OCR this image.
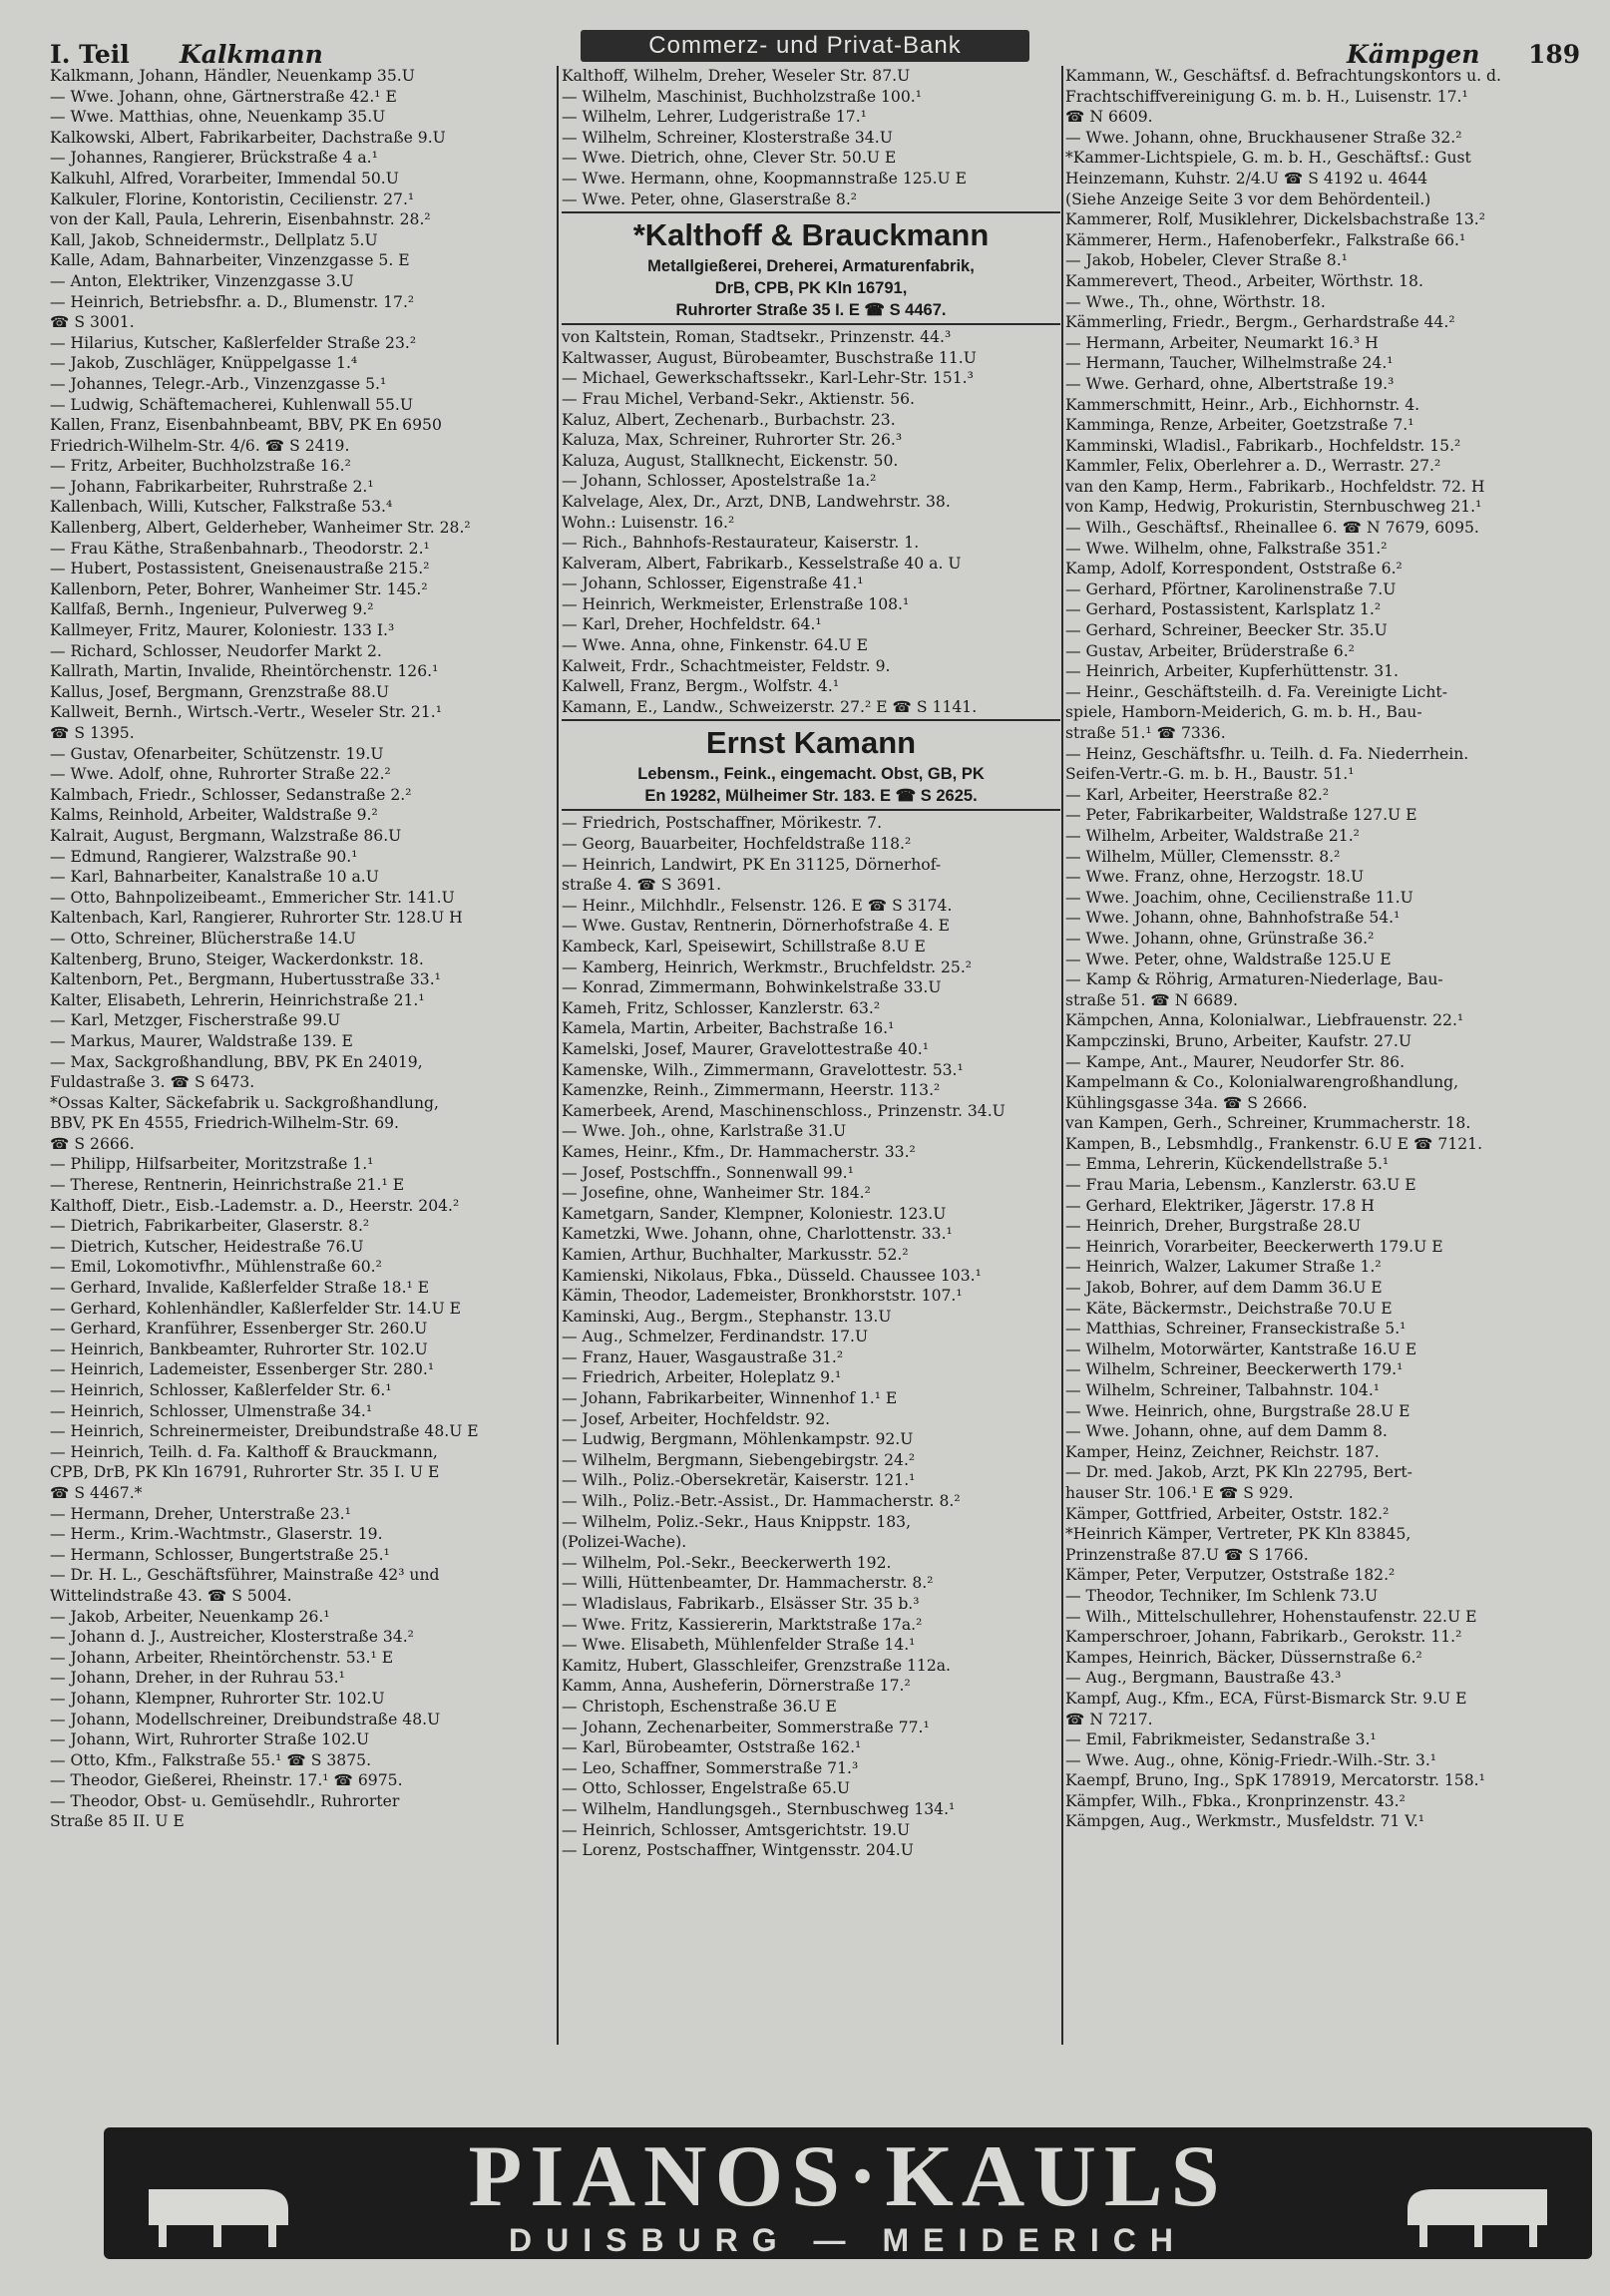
I. Teil Kalkmann	Kämpgen 189
Commerz- und Privat-Bank
Kalkmann, Johann, Händler, Neuenkamp 35.U
— Wwe. Johann, ohne, Gärtnerstraße 42.¹ E
— Wwe. Matthias, ohne, Neuenkamp 35.U
Kalkowski, Albert, Fabrikarbeiter, Dachstraße 9.U
— Johannes, Rangierer, Brückstraße 4 a.¹
Kalkuhl, Alfred, Vorarbeiter, Immendal 50.U
Kalkuler, Florine, Kontoristin, Cecilienstr. 27.¹
von der Kall, Paula, Lehrerin, Eisenbahnstr. 28.²
Kall, Jakob, Schneidermstr., Dellplatz 5.U
Kalle, Adam, Bahnarbeiter, Vinzenzgasse 5. E
— Anton, Elektriker, Vinzenzgasse 3.U
— Heinrich, Betriebsfhr. a. D., Blumenstr. 17.²
☎ S 3001.
— Hilarius, Kutscher, Kaßlerfelder Straße 23.²
— Jakob, Zuschläger, Knüppelgasse 1.⁴
— Johannes, Telegr.-Arb., Vinzenzgasse 5.¹
— Ludwig, Schäftemacherei, Kuhlenwall 55.U
Kallen, Franz, Eisenbahnbeamt, BBV, PK En 6950
Friedrich-Wilhelm-Str. 4/6. ☎ S 2419.
— Fritz, Arbeiter, Buchholzstraße 16.²
— Johann, Fabrikarbeiter, Ruhrstraße 2.¹
Kallenbach, Willi, Kutscher, Falkstraße 53.⁴
Kallenberg, Albert, Gelderheber, Wanheimer Str. 28.²
— Frau Käthe, Straßenbahnarb., Theodorstr. 2.¹
— Hubert, Postassistent, Gneisenaustraße 215.²
Kallenborn, Peter, Bohrer, Wanheimer Str. 145.²
Kallfaß, Bernh., Ingenieur, Pulverweg 9.²
Kallmeyer, Fritz, Maurer, Koloniestr. 133 I.³
— Richard, Schlosser, Neudorfer Markt 2.
Kallrath, Martin, Invalide, Rheintörchenstr. 126.¹
Kallus, Josef, Bergmann, Grenzstraße 88.U
Kallweit, Bernh., Wirtsch.-Vertr., Weseler Str. 21.¹
☎ S 1395.
— Gustav, Ofenarbeiter, Schützenstr. 19.U
— Wwe. Adolf, ohne, Ruhrorter Straße 22.²
Kalmbach, Friedr., Schlosser, Sedanstraße 2.²
Kalms, Reinhold, Arbeiter, Waldstraße 9.²
Kalrait, August, Bergmann, Walzstraße 86.U
— Edmund, Rangierer, Walzstraße 90.¹
— Karl, Bahnarbeiter, Kanalstraße 10 a.U
— Otto, Bahnpolizeibeamt., Emmericher Str. 141.U
Kaltenbach, Karl, Rangierer, Ruhrorter Str. 128.U H
— Otto, Schreiner, Blücherstraße 14.U
Kaltenberg, Bruno, Steiger, Wackerdonkstr. 18.
Kaltenborn, Pet., Bergmann, Hubertusstraße 33.¹
Kalter, Elisabeth, Lehrerin, Heinrichstraße 21.¹
— Karl, Metzger, Fischerstraße 99.U
— Markus, Maurer, Waldstraße 139. E
— Max, Sackgroßhandlung, BBV, PK En 24019,
Fuldastraße 3. ☎ S 6473.
*Ossas Kalter, Säckefabrik u. Sackgroßhandlung,
BBV, PK En 4555, Friedrich-Wilhelm-Str. 69.
☎ S 2666.
— Philipp, Hilfsarbeiter, Moritzstraße 1.¹
— Therese, Rentnerin, Heinrichstraße 21.¹ E
Kalthoff, Dietr., Eisb.-Lademstr. a. D., Heerstr. 204.²
— Dietrich, Fabrikarbeiter, Glaserstr. 8.²
— Dietrich, Kutscher, Heidestraße 76.U
— Emil, Lokomotivfhr., Mühlenstraße 60.²
— Gerhard, Invalide, Kaßlerfelder Straße 18.¹ E
— Gerhard, Kohlenhändler, Kaßlerfelder Str. 14.U E
— Gerhard, Kranführer, Essenberger Str. 260.U
— Heinrich, Bankbeamter, Ruhrorter Str. 102.U
— Heinrich, Lademeister, Essenberger Str. 280.¹
— Heinrich, Schlosser, Kaßlerfelder Str. 6.¹
— Heinrich, Schlosser, Ulmenstraße 34.¹
— Heinrich, Schreinermeister, Dreibundstraße 48.U E
— Heinrich, Teilh. d. Fa. Kalthoff & Brauckmann,
CPB, DrB, PK Kln 16791, Ruhrorter Str. 35 I. U E
☎ S 4467.*
— Hermann, Dreher, Unterstraße 23.¹
— Herm., Krim.-Wachtmstr., Glaserstr. 19.
— Hermann, Schlosser, Bungertstraße 25.¹
— Dr. H. L., Geschäftsführer, Mainstraße 42³ und
Wittelindstraße 43. ☎ S 5004.
— Jakob, Arbeiter, Neuenkamp 26.¹
— Johann d. J., Austreicher, Klosterstraße 34.²
— Johann, Arbeiter, Rheintörchenstr. 53.¹ E
— Johann, Dreher, in der Ruhrau 53.¹
— Johann, Klempner, Ruhrorter Str. 102.U
— Johann, Modellschreiner, Dreibundstraße 48.U
— Johann, Wirt, Ruhrorter Straße 102.U
— Otto, Kfm., Falkstraße 55.¹ ☎ S 3875.
— Theodor, Gießerei, Rheinstr. 17.¹ ☎ 6975.
— Theodor, Obst- u. Gemüsehdlr., Ruhrorter
Straße 85 II. U E
Kalthoff, Wilhelm, Dreher, Weseler Str. 87.U
— Wilhelm, Maschinist, Buchholzstraße 100.¹
— Wilhelm, Lehrer, Ludgeristraße 17.¹
— Wilhelm, Schreiner, Klosterstraße 34.U
— Wwe. Dietrich, ohne, Clever Str. 50.U E
— Wwe. Hermann, ohne, Koopmannstraße 125.U E
— Wwe. Peter, ohne, Glaserstraße 8.²
*Kalthoff & Brauckmann
Metallgießerei, Dreherei, Armaturenfabrik,
DrB, CPB, PK Kln 16791,
Ruhrorter Straße 35 I. E ☎ S 4467.
von Kaltstein, Roman, Stadtsekr., Prinzenstr. 44.³
Kaltwasser, August, Bürobeamter, Buschstraße 11.U
— Michael, Gewerkschaftssekr., Karl-Lehr-Str. 151.³
— Frau Michel, Verband-Sekr., Aktienstr. 56.
Kaluz, Albert, Zechenarb., Burbachstr. 23.
Kaluza, Max, Schreiner, Ruhrorter Str. 26.³
Kaluza, August, Stallknecht, Eickenstr. 50.
— Johann, Schlosser, Apostelstraße 1a.²
Kalvelage, Alex, Dr., Arzt, DNB, Landwehrstr. 38.
Wohn.: Luisenstr. 16.²
— Rich., Bahnhofs-Restaurateur, Kaiserstr. 1.
Kalveram, Albert, Fabrikarb., Kesselstraße 40 a. U
— Johann, Schlosser, Eigenstraße 41.¹
— Heinrich, Werkmeister, Erlenstraße 108.¹
— Karl, Dreher, Hochfeldstr. 64.¹
— Wwe. Anna, ohne, Finkenstr. 64.U E
Kalweit, Frdr., Schachtmeister, Feldstr. 9.
Kalwell, Franz, Bergm., Wolfstr. 4.¹
Kamann, E., Landw., Schweizerstr. 27.² E ☎ S 1141.
Ernst Kamann
Lebensm., Feink., eingemacht. Obst, GB, PK
En 19282, Mülheimer Str. 183. E ☎ S 2625.
— Friedrich, Postschaffner, Mörikestr. 7.
— Georg, Bauarbeiter, Hochfeldstraße 118.²
— Heinrich, Landwirt, PK En 31125, Dörnerhof-
straße 4. ☎ S 3691.
— Heinr., Milchhdlr., Felsenstr. 126. E ☎ S 3174.
— Wwe. Gustav, Rentnerin, Dörnerhofstraße 4. E
Kambeck, Karl, Speisewirt, Schillstraße 8.U E
— Kamberg, Heinrich, Werkmstr., Bruchfeldstr. 25.²
— Konrad, Zimmermann, Bohwinkelstraße 33.U
Kameh, Fritz, Schlosser, Kanzlerstr. 63.²
Kamela, Martin, Arbeiter, Bachstraße 16.¹
Kamelski, Josef, Maurer, Gravelottestraße 40.¹
Kamenske, Wilh., Zimmermann, Gravelottestr. 53.¹
Kamenzke, Reinh., Zimmermann, Heerstr. 113.²
Kamerbeek, Arend, Maschinenschloss., Prinzenstr. 34.U
— Wwe. Joh., ohne, Karlstraße 31.U
Kames, Heinr., Kfm., Dr. Hammacherstr. 33.²
— Josef, Postschffn., Sonnenwall 99.¹
— Josefine, ohne, Wanheimer Str. 184.²
Kametgarn, Sander, Klempner, Koloniestr. 123.U
Kametzki, Wwe. Johann, ohne, Charlottenstr. 33.¹
Kamien, Arthur, Buchhalter, Markusstr. 52.²
Kamienski, Nikolaus, Fbka., Düsseld. Chaussee 103.¹
Kämin, Theodor, Lademeister, Bronkhorststr. 107.¹
Kaminski, Aug., Bergm., Stephanstr. 13.U
— Aug., Schmelzer, Ferdinandstr. 17.U
— Franz, Hauer, Wasgaustraße 31.²
— Friedrich, Arbeiter, Holeplatz 9.¹
— Johann, Fabrikarbeiter, Winnenhof 1.¹ E
— Josef, Arbeiter, Hochfeldstr. 92.
— Ludwig, Bergmann, Möhlenkampstr. 92.U
— Wilhelm, Bergmann, Siebengebirgstr. 24.²
— Wilh., Poliz.-Obersekretär, Kaiserstr. 121.¹
— Wilh., Poliz.-Betr.-Assist., Dr. Hammacherstr. 8.²
— Wilhelm, Poliz.-Sekr., Haus Knippstr. 183,
(Polizei-Wache).
— Wilhelm, Pol.-Sekr., Beeckerwerth 192.
— Willi, Hüttenbeamter, Dr. Hammacherstr. 8.²
— Wladislaus, Fabrikarb., Elsässer Str. 35 b.³
— Wwe. Fritz, Kassiererin, Marktstraße 17a.²
— Wwe. Elisabeth, Mühlenfelder Straße 14.¹
Kamitz, Hubert, Glasschleifer, Grenzstraße 112a.
Kamm, Anna, Ausheferin, Dörnerstraße 17.²
— Christoph, Eschenstraße 36.U E
— Johann, Zechenarbeiter, Sommerstraße 77.¹
— Karl, Bürobeamter, Oststraße 162.¹
— Leo, Schaffner, Sommerstraße 71.³
— Otto, Schlosser, Engelstraße 65.U
— Wilhelm, Handlungsgeh., Sternbuschweg 134.¹
— Heinrich, Schlosser, Amtsgerichtstr. 19.U
— Lorenz, Postschaffner, Wintgensstr. 204.U
Kammann, W., Geschäftsf. d. Befrachtungskontors u. d.
Frachtschiffvereinigung G. m. b. H., Luisenstr. 17.¹
☎ N 6609.
— Wwe. Johann, ohne, Bruckhausener Straße 32.²
*Kammer-Lichtspiele, G. m. b. H., Geschäftsf.: Gust
Heinzemann, Kuhstr. 2/4.U ☎ S 4192 u. 4644
(Siehe Anzeige Seite 3 vor dem Behördenteil.)
Kammerer, Rolf, Musiklehrer, Dickelsbachstraße 13.²
Kämmerer, Herm., Hafenoberfekr., Falkstraße 66.¹
— Jakob, Hobeler, Clever Straße 8.¹
Kammerevert, Theod., Arbeiter, Wörthstr. 18.
— Wwe., Th., ohne, Wörthstr. 18.
Kämmerling, Friedr., Bergm., Gerhardstraße 44.²
— Hermann, Arbeiter, Neumarkt 16.³ H
— Hermann, Taucher, Wilhelmstraße 24.¹
— Wwe. Gerhard, ohne, Albertstraße 19.³
Kammerschmitt, Heinr., Arb., Eichhornstr. 4.
Kamminga, Renze, Arbeiter, Goetzstraße 7.¹
Kamminski, Wladisl., Fabrikarb., Hochfeldstr. 15.²
Kammler, Felix, Oberlehrer a. D., Werrastr. 27.²
van den Kamp, Herm., Fabrikarb., Hochfeldstr. 72. H
von Kamp, Hedwig, Prokuristin, Sternbuschweg 21.¹
— Wilh., Geschäftsf., Rheinallee 6. ☎ N 7679, 6095.
— Wwe. Wilhelm, ohne, Falkstraße 351.²
Kamp, Adolf, Korrespondent, Oststraße 6.²
— Gerhard, Pförtner, Karolinenstraße 7.U
— Gerhard, Postassistent, Karlsplatz 1.²
— Gerhard, Schreiner, Beecker Str. 35.U
— Gustav, Arbeiter, Brüderstraße 6.²
— Heinrich, Arbeiter, Kupferhüttenstr. 31.
— Heinr., Geschäftsteilh. d. Fa. Vereinigte Licht-
spiele, Hamborn-Meiderich, G. m. b. H., Bau-
straße 51.¹ ☎ 7336.
— Heinz, Geschäftsfhr. u. Teilh. d. Fa. Niederrhein.
Seifen-Vertr.-G. m. b. H., Baustr. 51.¹
— Karl, Arbeiter, Heerstraße 82.²
— Peter, Fabrikarbeiter, Waldstraße 127.U E
— Wilhelm, Arbeiter, Waldstraße 21.²
— Wilhelm, Müller, Clemensstr. 8.²
— Wwe. Franz, ohne, Herzogstr. 18.U
— Wwe. Joachim, ohne, Cecilienstraße 11.U
— Wwe. Johann, ohne, Bahnhofstraße 54.¹
— Wwe. Johann, ohne, Grünstraße 36.²
— Wwe. Peter, ohne, Waldstraße 125.U E
— Kamp & Röhrig, Armaturen-Niederlage, Bau-
straße 51. ☎ N 6689.
Kämpchen, Anna, Kolonialwar., Liebfrauenstr. 22.¹
Kampczinski, Bruno, Arbeiter, Kaufstr. 27.U
— Kampe, Ant., Maurer, Neudorfer Str. 86.
Kampelmann & Co., Kolonialwarengroßhandlung,
Kühlingsgasse 34a. ☎ S 2666.
van Kampen, Gerh., Schreiner, Krummacherstr. 18.
Kampen, B., Lebsmhdlg., Frankenstr. 6.U E ☎ 7121.
— Emma, Lehrerin, Kückendellstraße 5.¹
— Frau Maria, Lebensm., Kanzlerstr. 63.U E
— Gerhard, Elektriker, Jägerstr. 17.8 H
— Heinrich, Dreher, Burgstraße 28.U
— Heinrich, Vorarbeiter, Beeckerwerth 179.U E
— Heinrich, Walzer, Lakumer Straße 1.²
— Jakob, Bohrer, auf dem Damm 36.U E
— Käte, Bäckermstr., Deichstraße 70.U E
— Matthias, Schreiner, Franseckistraße 5.¹
— Wilhelm, Motorwärter, Kantstraße 16.U E
— Wilhelm, Schreiner, Beeckerwerth 179.¹
— Wilhelm, Schreiner, Talbahnstr. 104.¹
— Wwe. Heinrich, ohne, Burgstraße 28.U E
— Wwe. Johann, ohne, auf dem Damm 8.
Kamper, Heinz, Zeichner, Reichstr. 187.
— Dr. med. Jakob, Arzt, PK Kln 22795, Bert-
hauser Str. 106.¹ E ☎ S 929.
Kämper, Gottfried, Arbeiter, Oststr. 182.²
*Heinrich Kämper, Vertreter, PK Kln 83845,
Prinzenstraße 87.U ☎ S 1766.
Kämper, Peter, Verputzer, Oststraße 182.²
— Theodor, Techniker, Im Schlenk 73.U
— Wilh., Mittelschullehrer, Hohenstaufenstr. 22.U E
Kamperschroer, Johann, Fabrikarb., Gerokstr. 11.²
Kampes, Heinrich, Bäcker, Düssernstraße 6.²
— Aug., Bergmann, Baustraße 43.³
Kampf, Aug., Kfm., ECA, Fürst-Bismarck Str. 9.U E
☎ N 7217.
— Emil, Fabrikmeister, Sedanstraße 3.¹
— Wwe. Aug., ohne, König-Friedr.-Wilh.-Str. 3.¹
Kaempf, Bruno, Ing., SpK 178919, Mercatorstr. 158.¹
Kämpfer, Wilh., Fbka., Kronprinzenstr. 43.²
Kämpgen, Aug., Werkmstr., Musfeldstr. 71 V.¹
PIANOS·KAULS
DUISBURG — MEIDERICH
